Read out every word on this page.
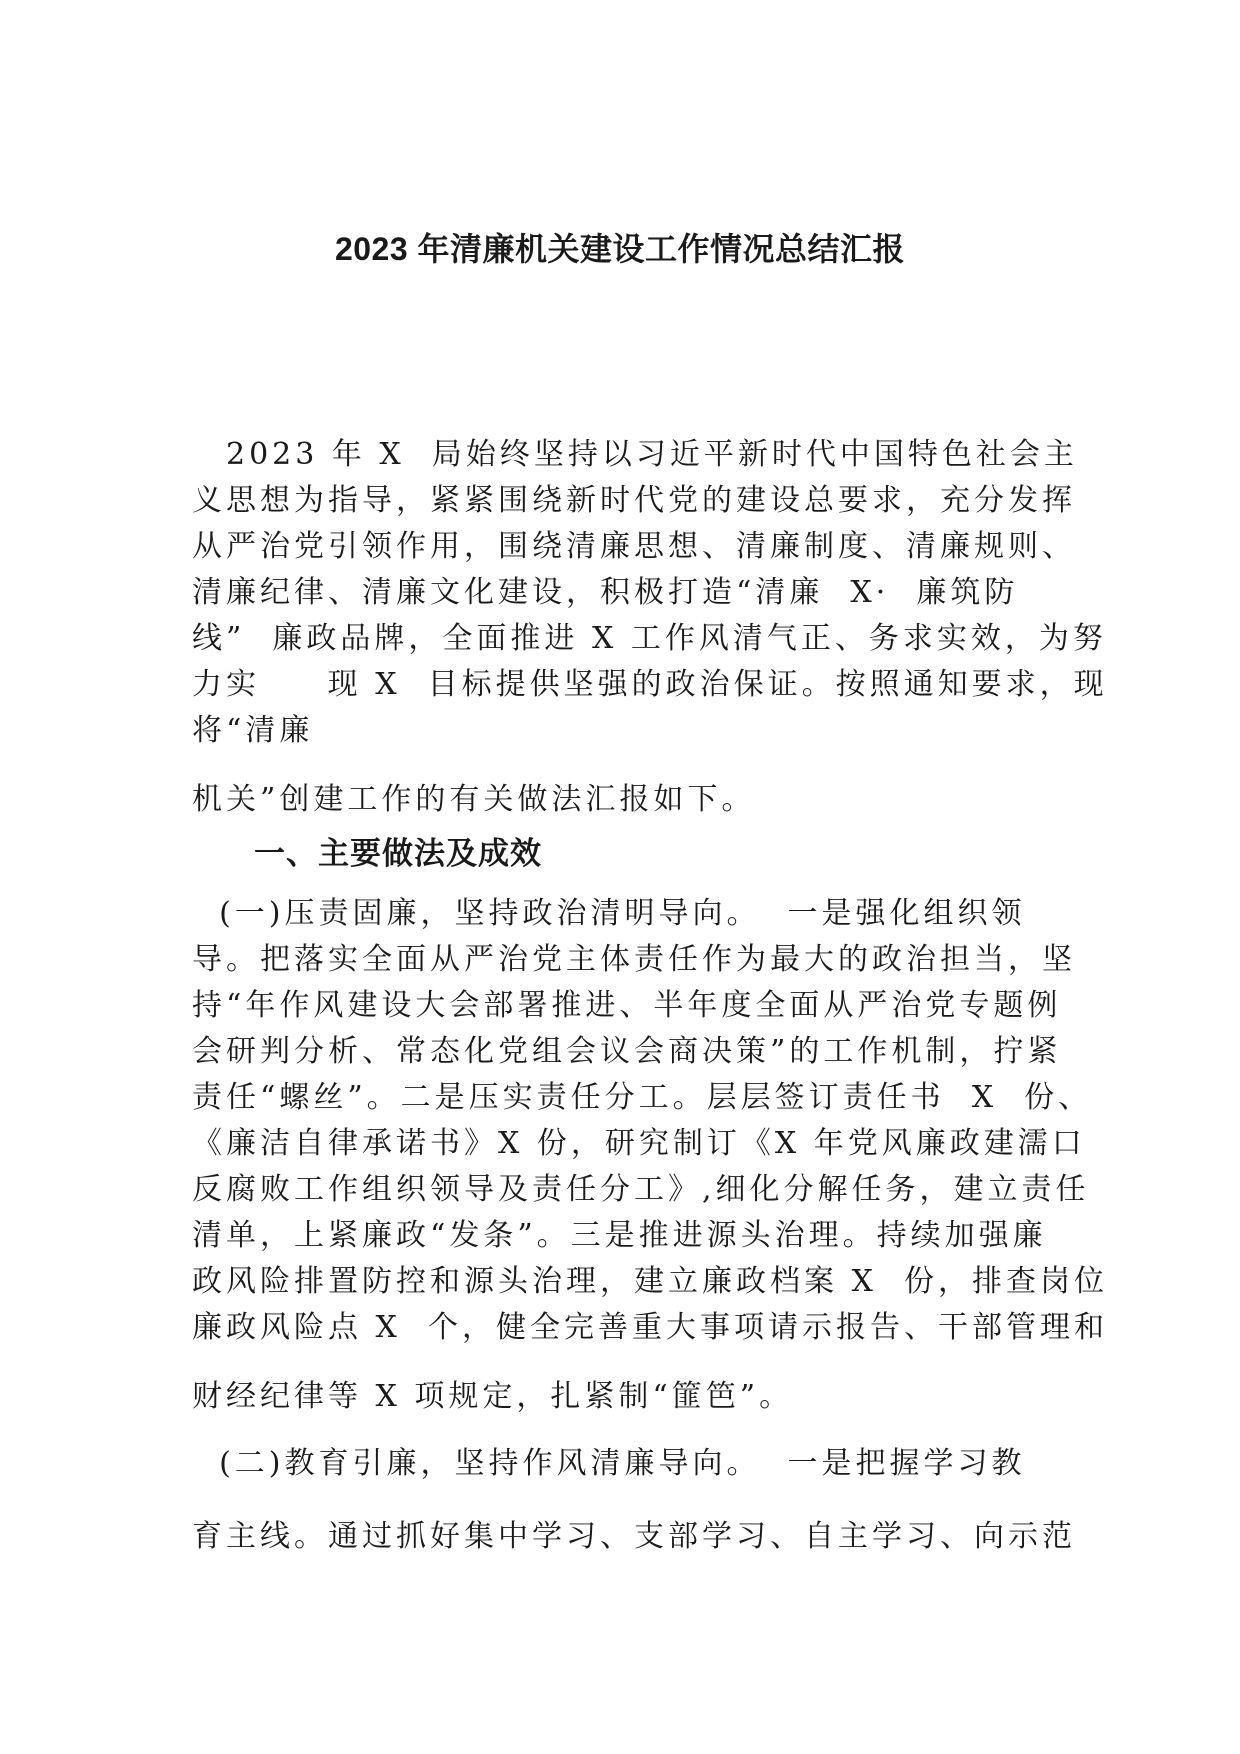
2023 年清廉机关建设工作情况总结汇报
　2023 年 X  局始终坚持以习近平新时代中国特色社会主
义思想为指导，紧紧围绕新时代党的建设总要求，充分发挥
从严治党引领作用，围绕清廉思想、清廉制度、清廉规则、
清廉纪律、清廉文化建设，积极打造“清廉  X·  廉筑防
线”  廉政品牌，全面推进 X 工作风清气正、务求实效，为努
力实     现 X  目标提供坚强的政治保证。按照通知要求，现
将“清廉
机关”创建工作的有关做法汇报如下。
一、主要做法及成效
(一)压责固廉，坚持政治清明导向。  一是强化组织领
导。把落实全面从严治党主体责任作为最大的政治担当，坚
持“年作风建设大会部署推进、半年度全面从严治党专题例
会研判分析、常态化党组会议会商决策”的工作机制，拧紧
责任“螺丝”。二是压实责任分工。层层签订责任书  X  份、
《廉洁自律承诺书》X 份，研究制订《X 年党风廉政建濡口
反腐败工作组织领导及责任分工》,细化分解任务，建立责任
清单，上紧廉政“发条”。三是推进源头治理。持续加强廉
政风险排置防控和源头治理，建立廉政档案 X  份，排查岗位
廉政风险点 X  个，健全完善重大事项请示报告、干部管理和
财经纪律等 X 项规定，扎紧制“篚笆”。
(二)教育引廉，坚持作风清廉导向。  一是把握学习教
育主线。通过抓好集中学习、支部学习、自主学习、向示范
